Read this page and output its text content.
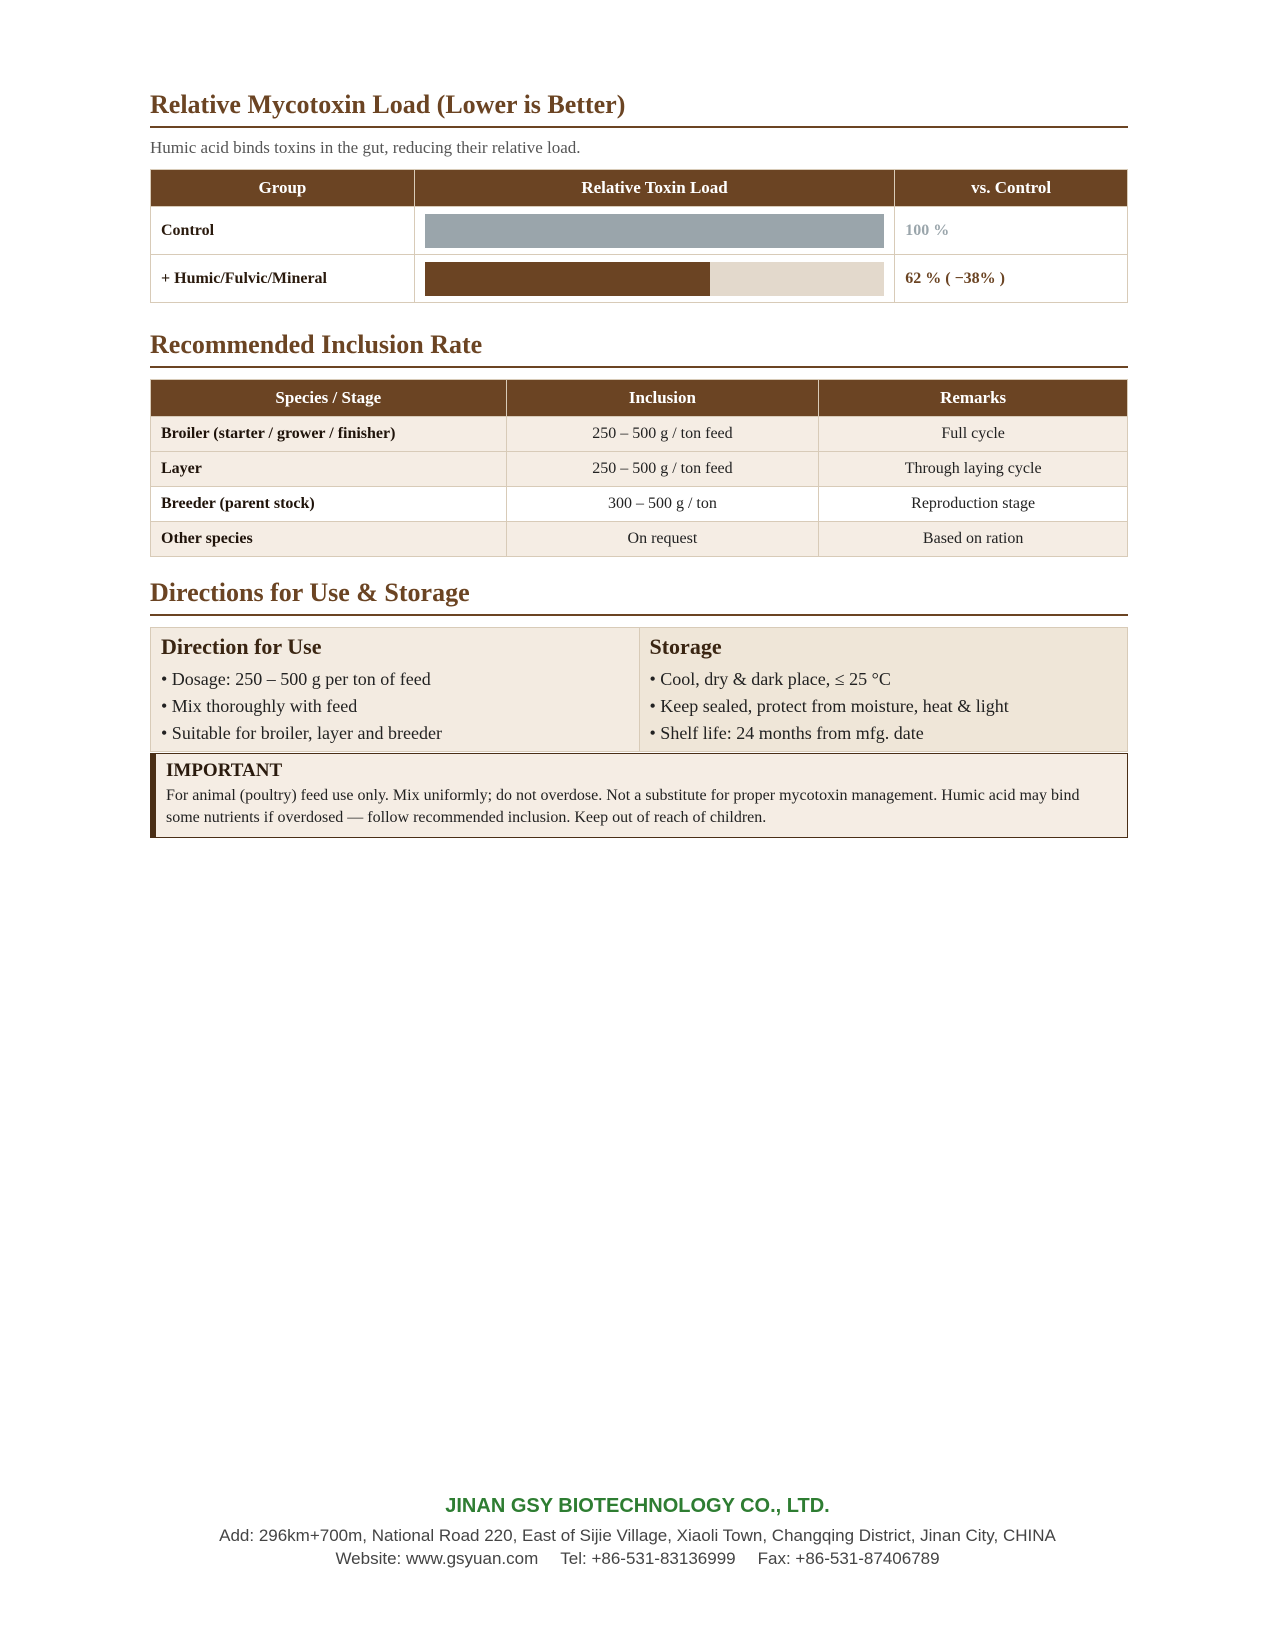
Relative Mycotoxin Load (Lower is Better)
Humic acid binds toxins in the gut, reducing their relative load.
Group	Relative Toxin Load	vs. Control
Control		100 %
+ Humic/Fulvic/Mineral		62 % ( −38% )
Recommended Inclusion Rate
Species / Stage	Inclusion	Remarks
Broiler (starter / grower / finisher)	250 – 500 g / ton feed	Full cycle
Layer	250 – 500 g / ton feed	Through laying cycle
Breeder (parent stock)	300 – 500 g / ton	Reproduction stage
Other species	On request	Based on ration
Directions for Use & Storage
Direction for Use
• Dosage: 250 – 500 g per ton of feed
• Mix thoroughly with feed
• Suitable for broiler, layer and breeder
Storage
• Cool, dry & dark place, ≤ 25 °C
• Keep sealed, protect from moisture, heat & light
• Shelf life: 24 months from mfg. date
IMPORTANT

For animal (poultry) feed use only. Mix uniformly; do not overdose. Not a substitute for proper mycotoxin management. Humic acid may bind some nutrients if overdosed — follow recommended inclusion. Keep out of reach of children.

JINAN GSY BIOTECHNOLOGY CO., LTD.
Add: 296km+700m, National Road 220, East of Sijie Village, Xiaoli Town, Changqing District, Jinan City, CHINA
Website: www.gsyuan.com Tel: +86-531-83136999 Fax: +86-531-87406789
